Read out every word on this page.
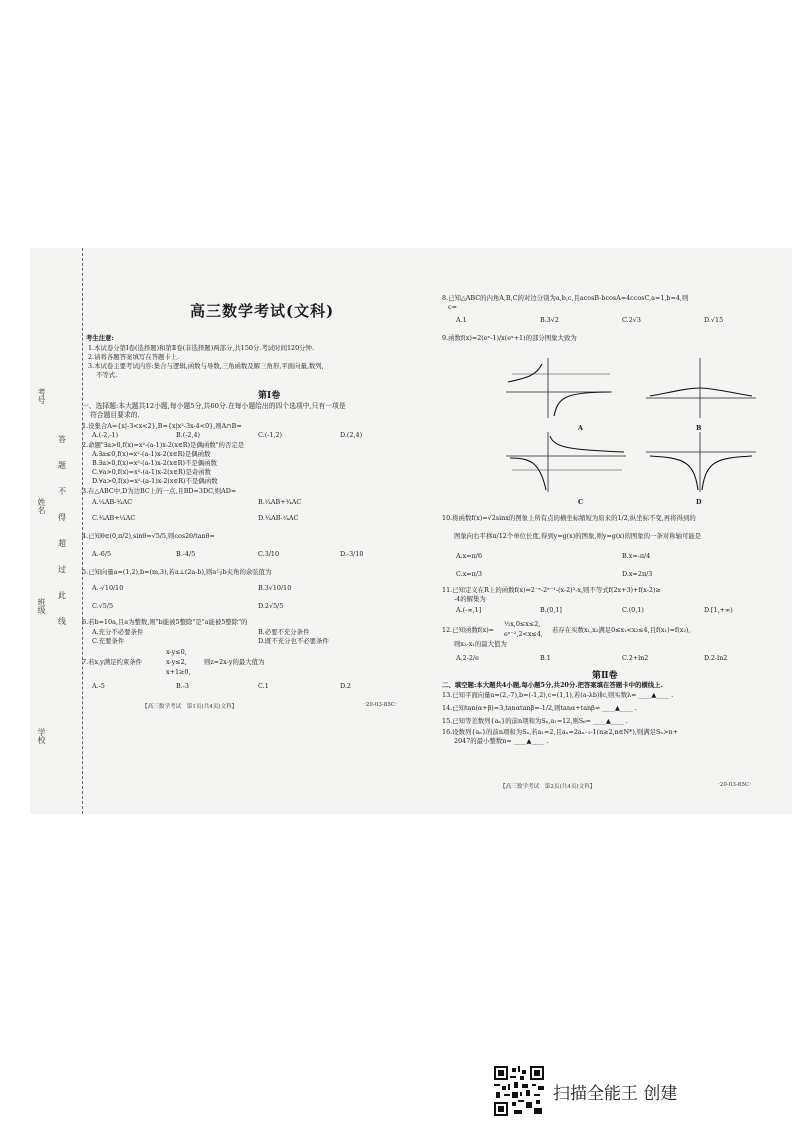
考号
姓名
班级
学校
答
题
不
得
超
过
此
线
高三数学考试(文科)
考生注意:
1.本试卷分第Ⅰ卷(选择题)和第Ⅱ卷(非选择题)两部分,共150分.考试时间120分钟.
2.请将各题答案填写在答题卡上.
3.本试卷主要考试内容:集合与逻辑,函数与导数,三角函数及解三角形,平面向量,数列,
不等式.
第Ⅰ卷
一、选择题:本大题共12小题,每小题5分,共60分.在每小题给出的四个选项中,只有一项是
符合题目要求的.
1.设集合A={x|-3<x<2},B={x|x²-3x-4<0},则A∩B=
A.(-2,-1)	B.(-2,4)	C.(-1,2)	D.(2,4)
2.命题"∃a>0,f(x)=x²-(a-1)x-2(x∈R)是偶函数"的否定是
A.∃a≤0,f(x)=x²-(a-1)x-2(x∈R)是偶函数
B.∃a>0,f(x)=x²-(a-1)x-2(x∈R)不是偶函数
C.∀a>0,f(x)=x²-(a-1)x-2(x∈R)是奇函数
D.∀a>0,f(x)=x²-(a-1)x-2(x∈R)不是偶函数
3.在△ABC中,D为边BC上的一点,且BD=3DC,则AD=
A.¹⁄₄AB-³⁄₄AC	B.¹⁄₄AB+³⁄₄AC
C.³⁄₄AB+¹⁄₄AC	D.³⁄₄AB-¹⁄₄AC
4.已知θ∈(0,π/2),sinθ=√5/5,则cos2θ/tanθ=
A.-6/5	B.-4/5	C.3/10	D.-3/10
5.已知向量a=(1,2),b=(m,3),若a⊥(2a-b),则a与b夹角的余弦值为
A.-√10/10	B.3√10/10
C.√5/5	D.2√5/5
6.若b=10a,且a为整数,则"b能被5整除"是"a能被5整除"的
A.充分不必要条件	B.必要不充分条件
C.充要条件	D.既不充分也不必要条件
7.若x,y满足约束条件
x-y≤0,
x-y≤2,
x+1≥0,
则z=2x-y的最大值为
A.-5	B.-3	C.1	D.2
【高三数学考试　第1页(共4页)文科】	·20-03-85C·
8.已知△ABC的内角A,B,C的对边分别为a,b,c,且acosB-bcosA=4ccosC,a=1,b=4,则
c=
A.1	B.3√2	C.2√3	D.√15
9.函数f(x)=2(eˣ-1)/x(eˣ+1)的部分图象大致为
A	B
C	D
10.将函数f(x)=√2sinx的图象上所有点的横坐标缩短为原来的1/2,纵坐标不变,再将得到的
图象向右平移π/12个单位长度,得到y=g(x)的图象,则y=g(x)的图象的一条对称轴可能是
A.x=π/6	B.x=-π/4
C.x=π/3	D.x=2π/3
11.已知定义在R上的函数f(x)=2⁻ˣ-2ˣ⁻¹-(x-2)³-x,则不等式f(2x+3)+f(x-2)≥
-4的解集为
A.(-∞,1]	B.(0,1]	C.(0,1)	D.[1,+∞)
12.已知函数f(x)=
½x,0≤x≤2,
eˣ⁻²,2<x≤4, 若存在实数x₁,x₂满足0≤x₁<x₂≤4,且f(x₁)=f(x₂),
则x₂-x₁的最大值为
A.2-2/e	B.1	C.2+ln2	D.2-ln2
第Ⅱ卷
二、填空题:本大题共4小题,每小题5分,共20分.把答案填在答题卡中的横线上.
13.已知平面向量a=(2,-7),b=(-1,2),c=(1,1),若(a-λb)∥c,则实数λ= ____▲____ .
14.已知tan(α+β)=3,tanαtanβ=-1/2,则tanα+tanβ= ____▲____ .
15.已知等差数列{aₙ}的前n项和为Sₙ,a₁=12,则S₆= ____▲____ .
16.设数列{aₙ}的前n项和为Sₙ,若a₁=2,且aₙ=2aₙ₋₁-1(n≥2,n∈N*),则满足Sₙ>n+
2047的最小整数n= ____▲____ .
【高三数学考试　第2页(共4页)文科】	·20-03-85C·
扫描全能王 创建
